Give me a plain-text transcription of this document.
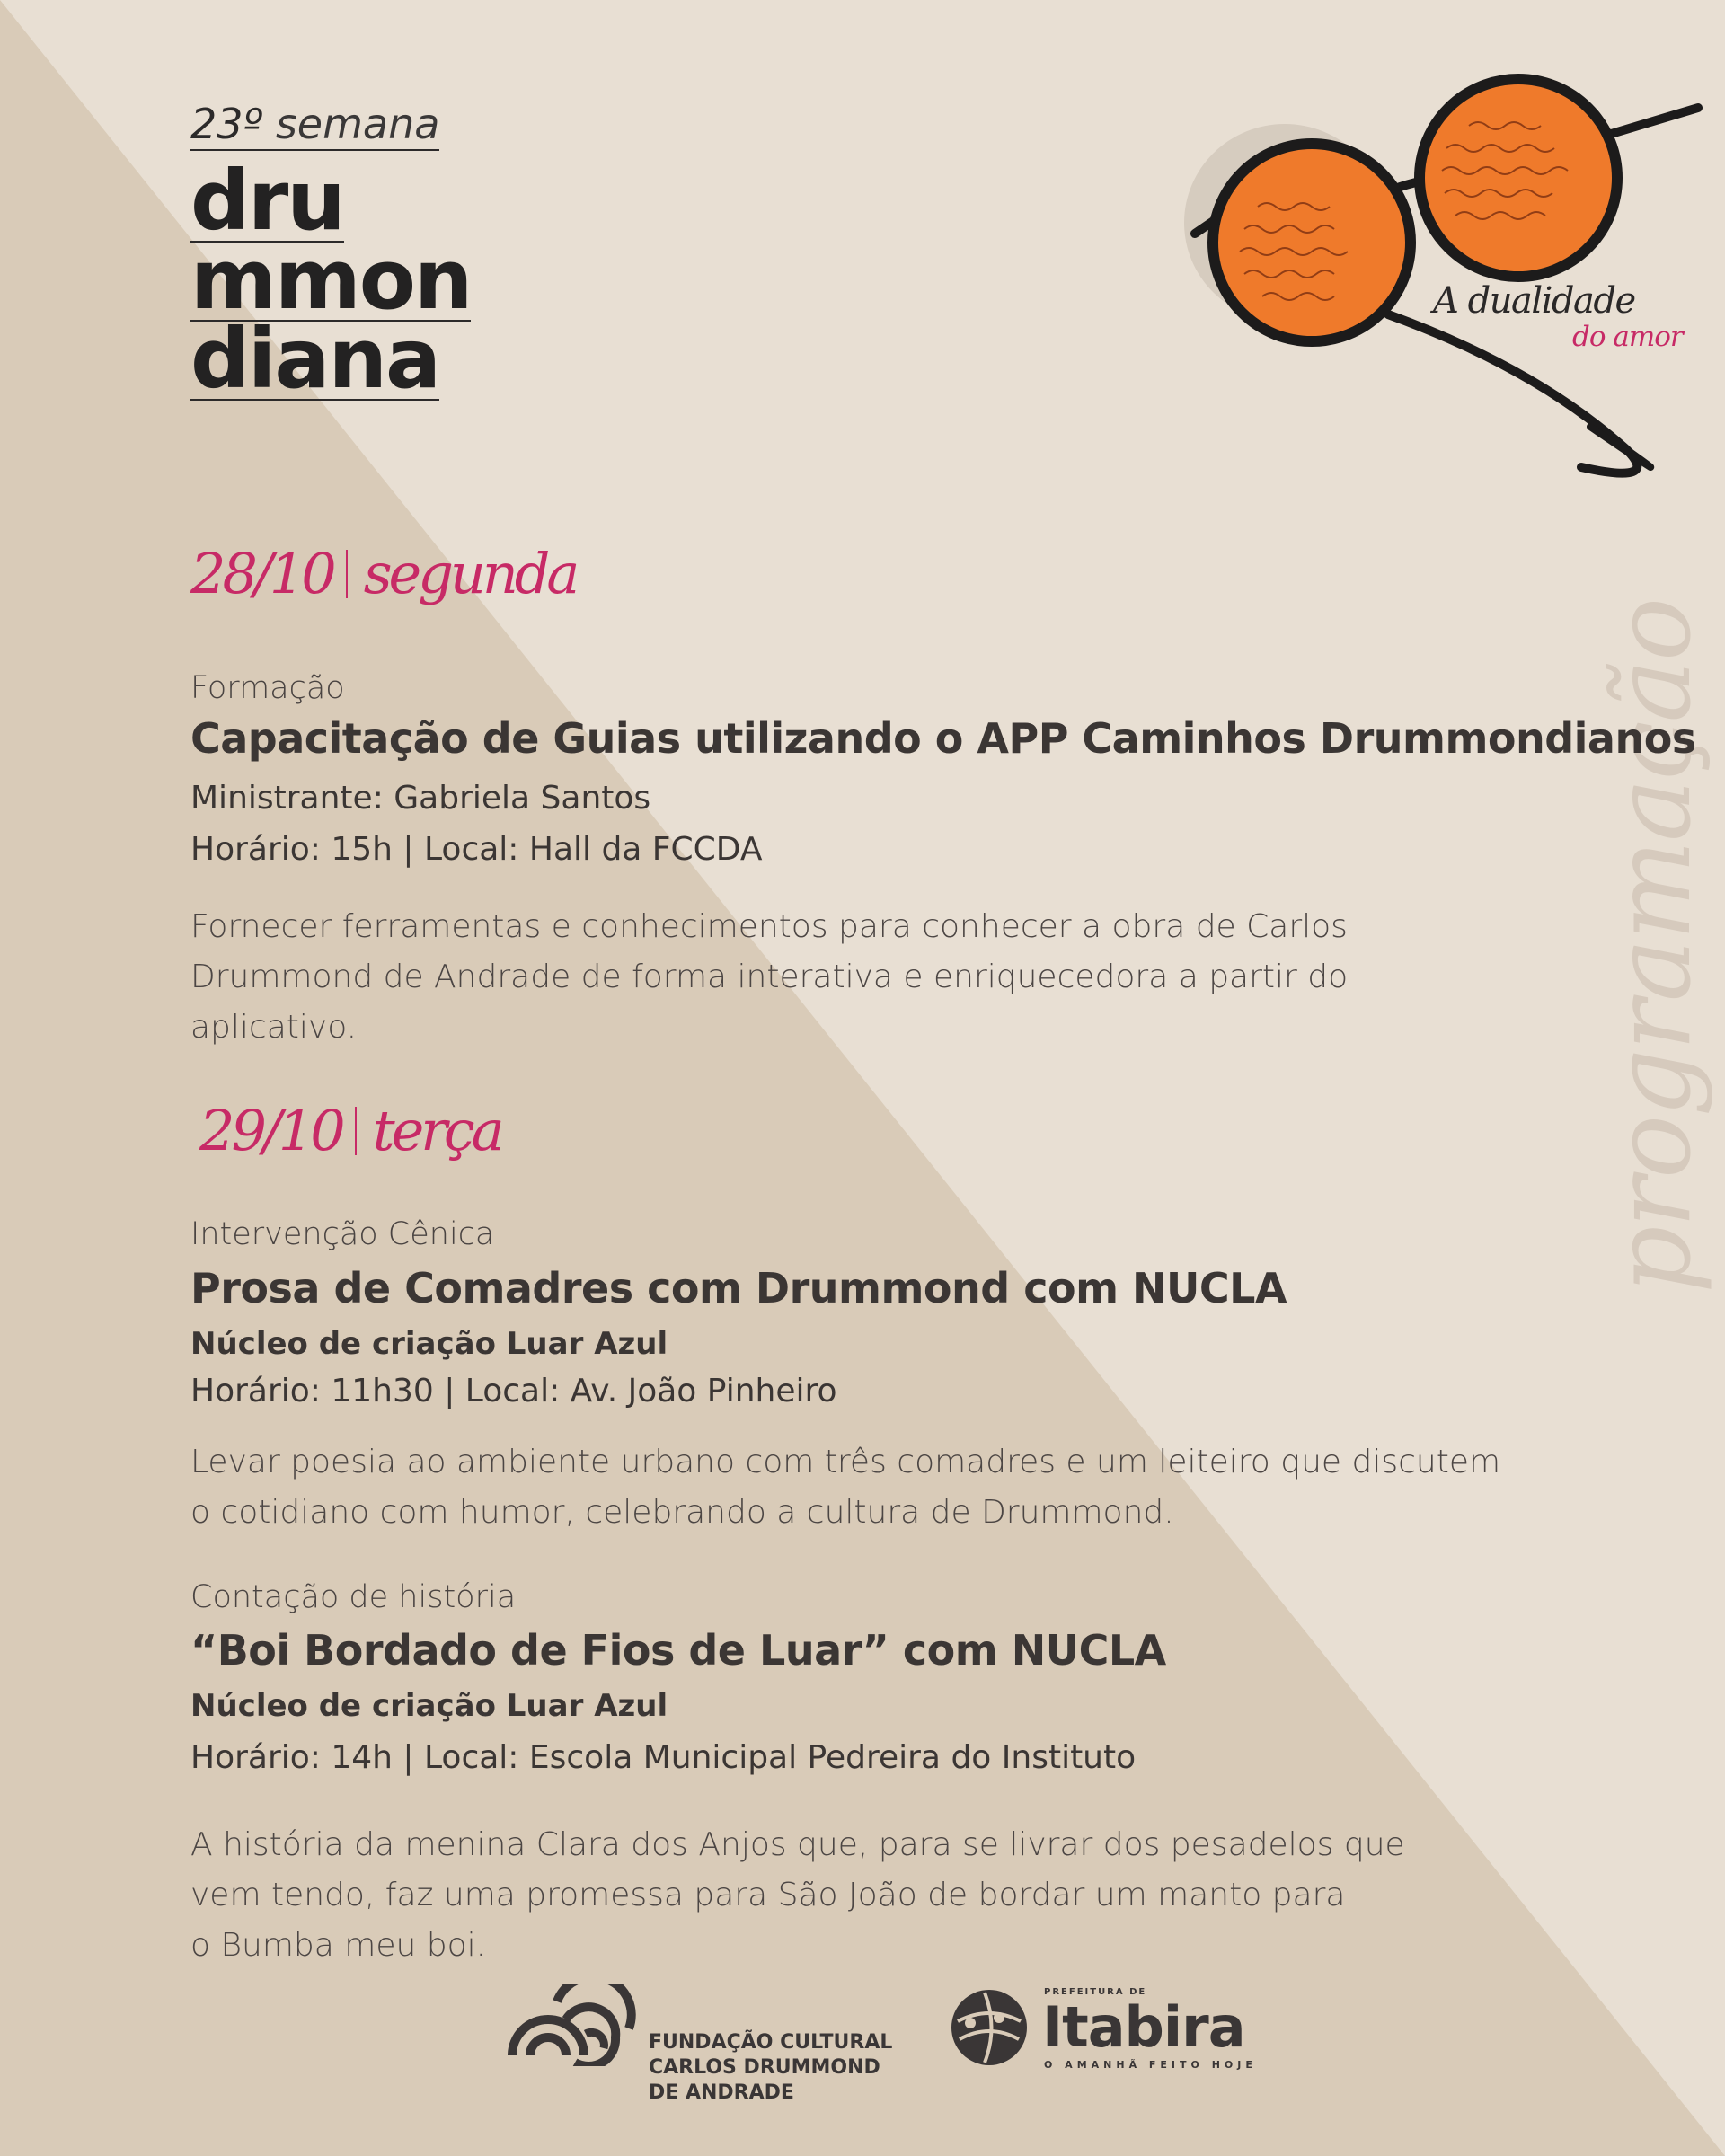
23º semana
dru
mmon
diana
A dualidade
do amor
programação
28/10 segunda
Formação
Capacitação de Guias utilizando o APP Caminhos Drummondianos
Ministrante: Gabriela Santos
Horário: 15h | Local: Hall da FCCDA
Fornecer ferramentas e conhecimentos para conhecer a obra de Carlos
Drummond de Andrade de forma interativa e enriquecedora a partir do
aplicativo.
29/10 terça
Intervenção Cênica
Prosa de Comadres com Drummond com NUCLA
Núcleo de criação Luar Azul
Horário: 11h30 | Local: Av. João Pinheiro
Levar poesia ao ambiente urbano com três comadres e um leiteiro que discutem
o cotidiano com humor, celebrando a cultura de Drummond.
Contação de história
“Boi Bordado de Fios de Luar” com NUCLA
Núcleo de criação Luar Azul
Horário: 14h | Local: Escola Municipal Pedreira do Instituto
A história da menina Clara dos Anjos que, para se livrar dos pesadelos que
vem tendo, faz uma promessa para São João de bordar um manto para
o Bumba meu boi.
FUNDAÇÃO CULTURAL
CARLOS DRUMMOND
DE ANDRADE
PREFEITURA DE
Itabira
O AMANHÃ FEITO HOJE
